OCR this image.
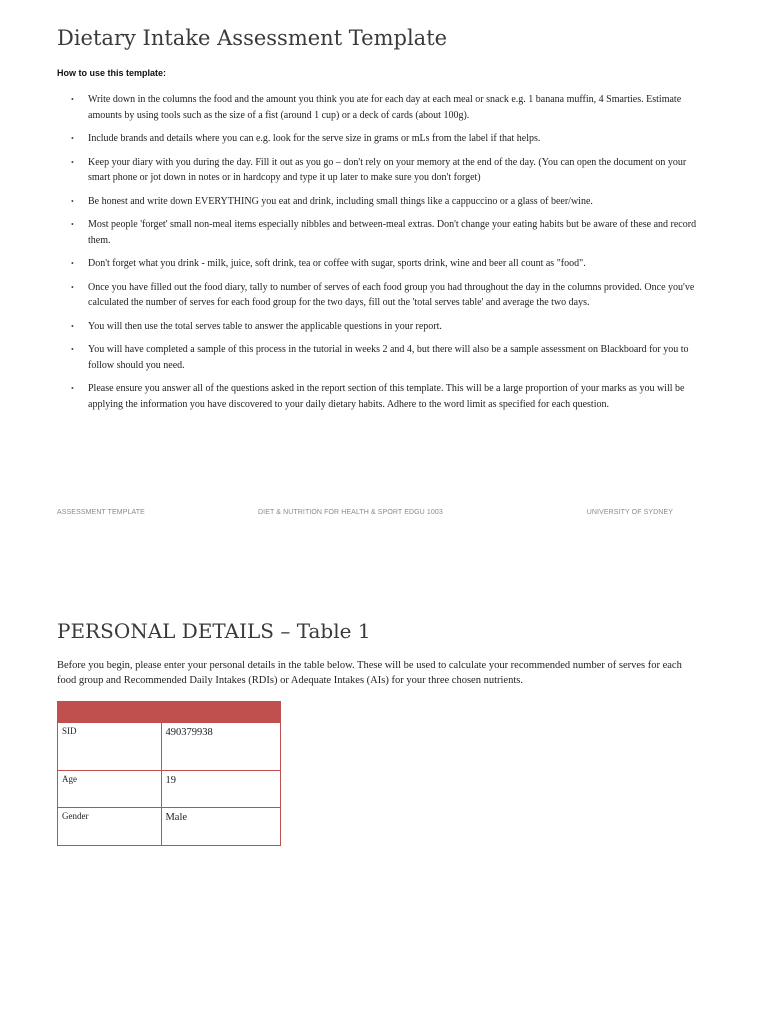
Dietary Intake Assessment Template
How to use this template:
• Write down in the columns the food and the amount you think you ate for each day at each meal or snack e.g. 1 banana muffin, 4 Smarties. Estimate amounts by using tools such as the size of a fist (around 1 cup) or a deck of cards (about 100g).
• Include brands and details where you can e.g. look for the serve size in grams or mLs from the label if that helps.
• Keep your diary with you during the day. Fill it out as you go – don't rely on your memory at the end of the day. (You can open the document on your smart phone or jot down in notes or in hardcopy and type it up later to make sure you don't forget)
• Be honest and write down EVERYTHING you eat and drink, including small things like a cappuccino or a glass of beer/wine.
• Most people 'forget' small non-meal items especially nibbles and between-meal extras. Don't change your eating habits but be aware of these and record them.
• Don't forget what you drink - milk, juice, soft drink, tea or coffee with sugar, sports drink, wine and beer all count as "food".
• Once you have filled out the food diary, tally to number of serves of each food group you had throughout the day in the columns provided. Once you've calculated the number of serves for each food group for the two days, fill out the 'total serves table' and average the two days.
• You will then use the total serves table to answer the applicable questions in your report.
• You will have completed a sample of this process in the tutorial in weeks 2 and 4, but there will also be a sample assessment on Blackboard for you to follow should you need.
• Please ensure you answer all of the questions asked in the report section of this template. This will be a large proportion of your marks as you will be applying the information you have discovered to your daily dietary habits. Adhere to the word limit as specified for each question.
ASSESSMENT TEMPLATE	DIET & NUTRITION FOR HEALTH & SPORT EDGU 1003	UNIVERSITY OF SYDNEY
PERSONAL DETAILS – Table 1

Before you begin, please enter your personal details in the table below. These will be used to calculate your recommended number of serves for each food group and Recommended Daily Intakes (RDIs) or Adequate Intakes (AIs) for your three chosen nutrients.

SID	490379938

Age	19

Gender	Male
